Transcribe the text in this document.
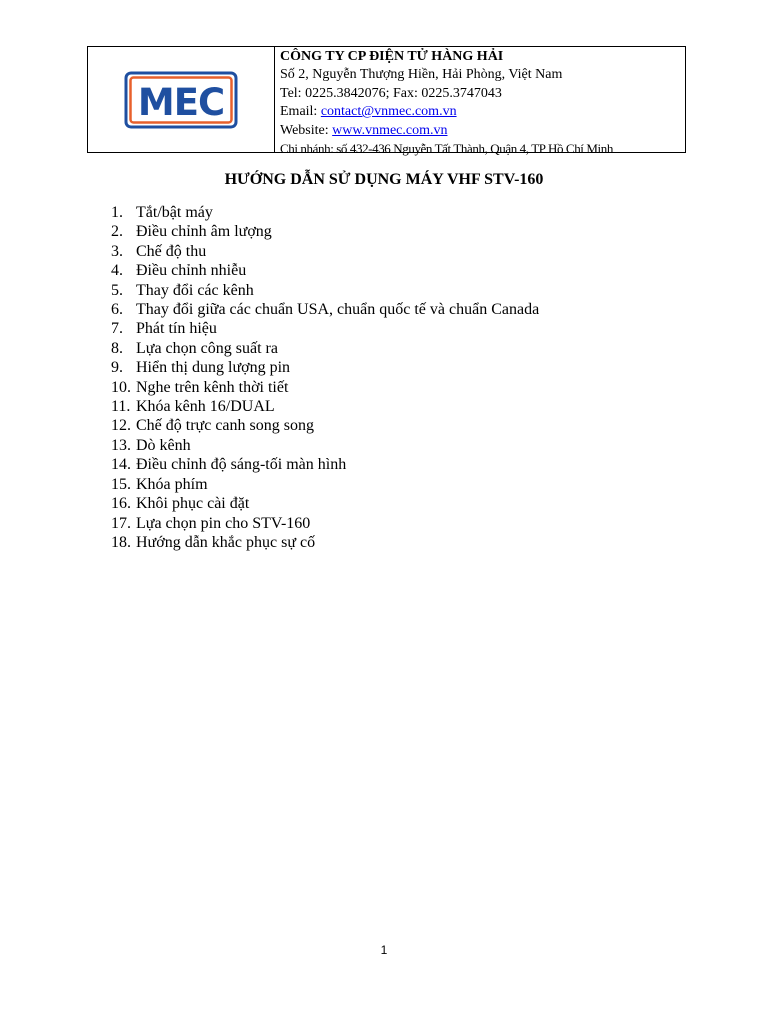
MEC
CÔNG TY CP ĐIỆN TỬ HÀNG HẢI
Số 2, Nguyễn Thượng Hiền, Hải Phòng, Việt Nam
Tel: 0225.3842076; Fax: 0225.3747043
Email: contact@vnmec.com.vn
Website: www.vnmec.com.vn
Chi nhánh: số 432-436 Nguyễn Tất Thành, Quận 4, TP Hồ Chí Minh
HƯỚNG DẪN SỬ DỤNG MÁY VHF STV-160
1. Tắt/bật máy
2. Điều chỉnh âm lượng
3. Chế độ thu
4. Điều chỉnh nhiễu
5. Thay đổi các kênh
6. Thay đổi giữa các chuẩn USA, chuẩn quốc tế và chuẩn Canada
7. Phát tín hiệu
8. Lựa chọn công suất ra
9. Hiển thị dung lượng pin
10. Nghe trên kênh thời tiết
11. Khóa kênh 16/DUAL
12. Chế độ trực canh song song
13. Dò kênh
14. Điều chỉnh độ sáng-tối màn hình
15. Khóa phím
16. Khôi phục cài đặt
17. Lựa chọn pin cho STV-160
18. Hướng dẫn khắc phục sự cố
1
